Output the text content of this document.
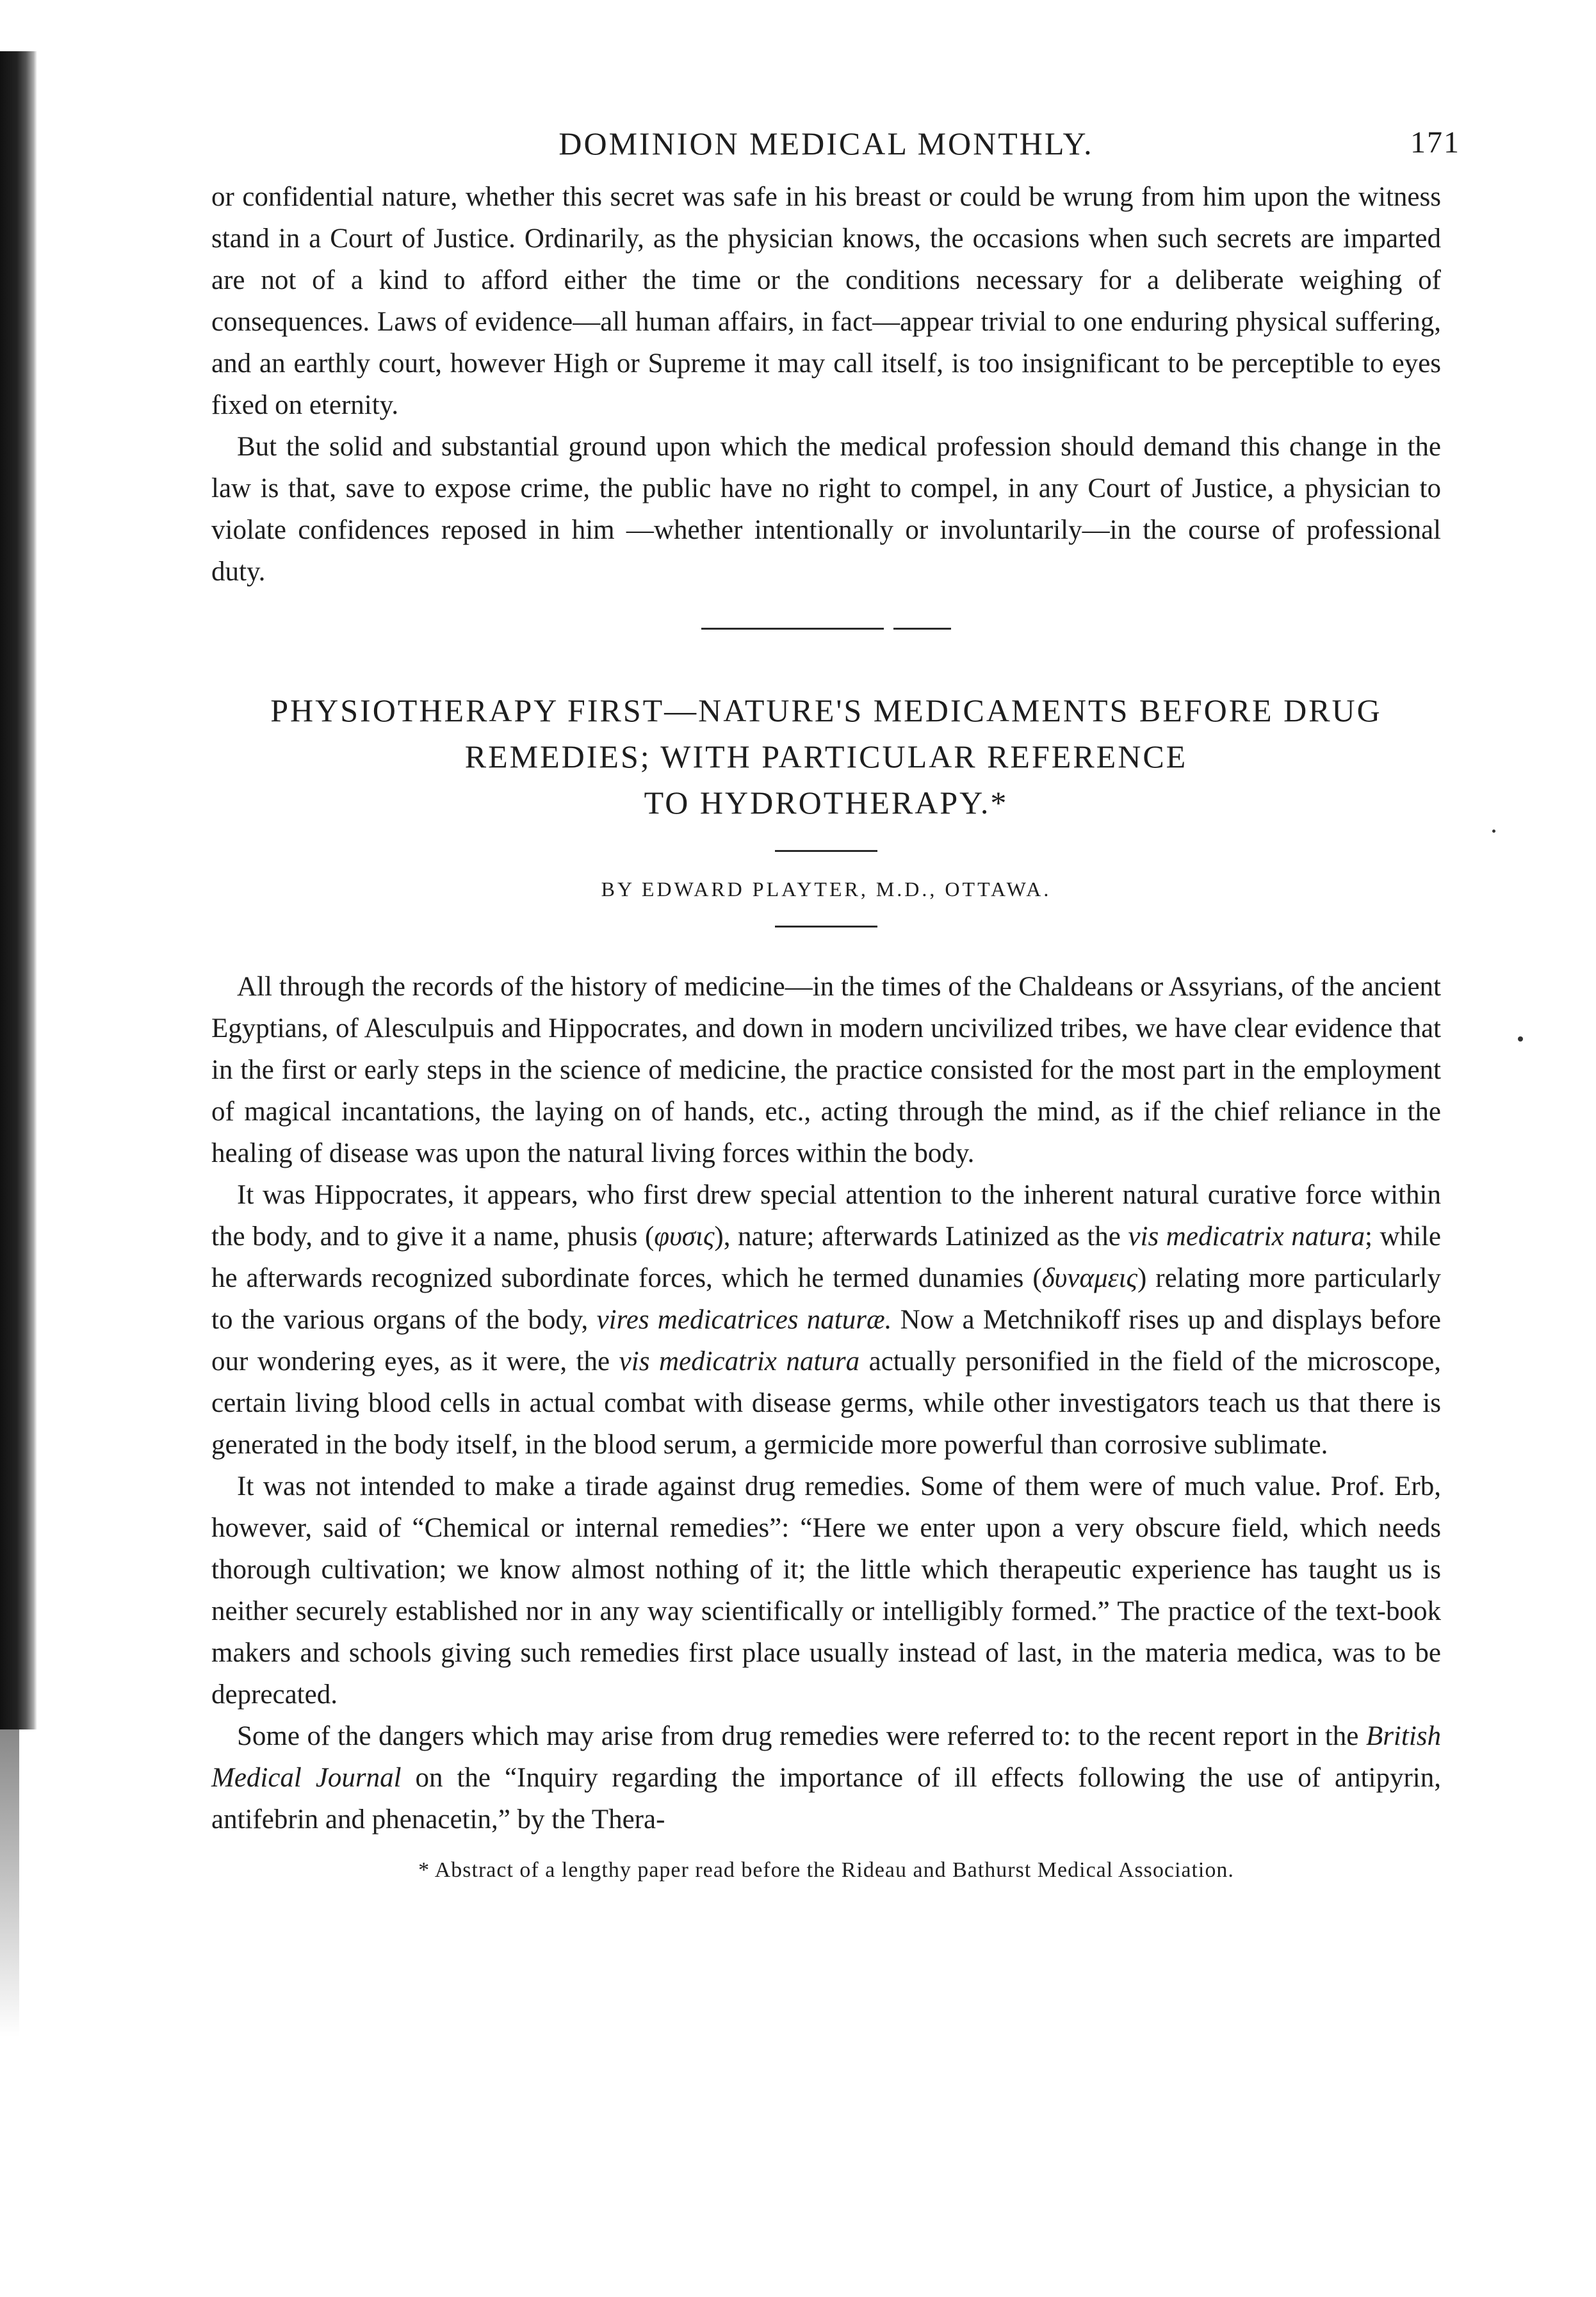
DOMINION MEDICAL MONTHLY.	171

or confidential nature, whether this secret was safe in his breast or could be wrung from him upon the witness stand in a Court of Justice. Ordinarily, as the physician knows, the occasions when such secrets are imparted are not of a kind to afford either the time or the conditions necessary for a deliberate weighing of consequences. Laws of evidence—all human affairs, in fact—appear trivial to one enduring physical suffering, and an earthly court, however High or Supreme it may call itself, is too insignificant to be perceptible to eyes fixed on eternity.

But the solid and substantial ground upon which the medical profession should demand this change in the law is that, save to expose crime, the public have no right to compel, in any Court of Justice, a physician to violate confidences reposed in him —whether intentionally or involuntarily—in the course of professional duty.

PHYSIOTHERAPY FIRST—NATURE'S MEDICAMENTS BEFORE DRUG
REMEDIES; WITH PARTICULAR REFERENCE
TO HYDROTHERAPY.*
BY EDWARD PLAYTER, M.D., OTTAWA.

All through the records of the history of medicine—in the times of the Chaldeans or Assyrians, of the ancient Egyptians, of Alesculpuis and Hippocrates, and down in modern uncivilized tribes, we have clear evidence that in the first or early steps in the science of medicine, the practice consisted for the most part in the employment of magical incantations, the laying on of hands, etc., acting through the mind, as if the chief reliance in the healing of disease was upon the natural living forces within the body.

It was Hippocrates, it appears, who first drew special attention to the inherent natural curative force within the body, and to give it a name, phusis (φυσις), nature; afterwards Latinized as the vis medicatrix natura; while he afterwards recognized subordinate forces, which he termed dunamies (δυναμεις) relating more particularly to the various organs of the body, vires medicatrices naturæ. Now a Metchnikoff rises up and displays before our wondering eyes, as it were, the vis medicatrix natura actually personified in the field of the microscope, certain living blood cells in actual combat with disease germs, while other investigators teach us that there is generated in the body itself, in the blood serum, a germicide more powerful than corrosive sublimate.

It was not intended to make a tirade against drug remedies. Some of them were of much value. Prof. Erb, however, said of “Chemical or internal remedies”: “Here we enter upon a very obscure field, which needs thorough cultivation; we know almost nothing of it; the little which therapeutic experience has taught us is neither securely established nor in any way scientifically or intelligibly formed.” The practice of the text-book makers and schools giving such remedies first place usually instead of last, in the materia medica, was to be deprecated.

Some of the dangers which may arise from drug remedies were referred to: to the recent report in the British Medical Journal on the “Inquiry regarding the importance of ill effects following the use of antipyrin, antifebrin and phenacetin,” by the Thera-

* Abstract of a lengthy paper read before the Rideau and Bathurst Medical Association.
